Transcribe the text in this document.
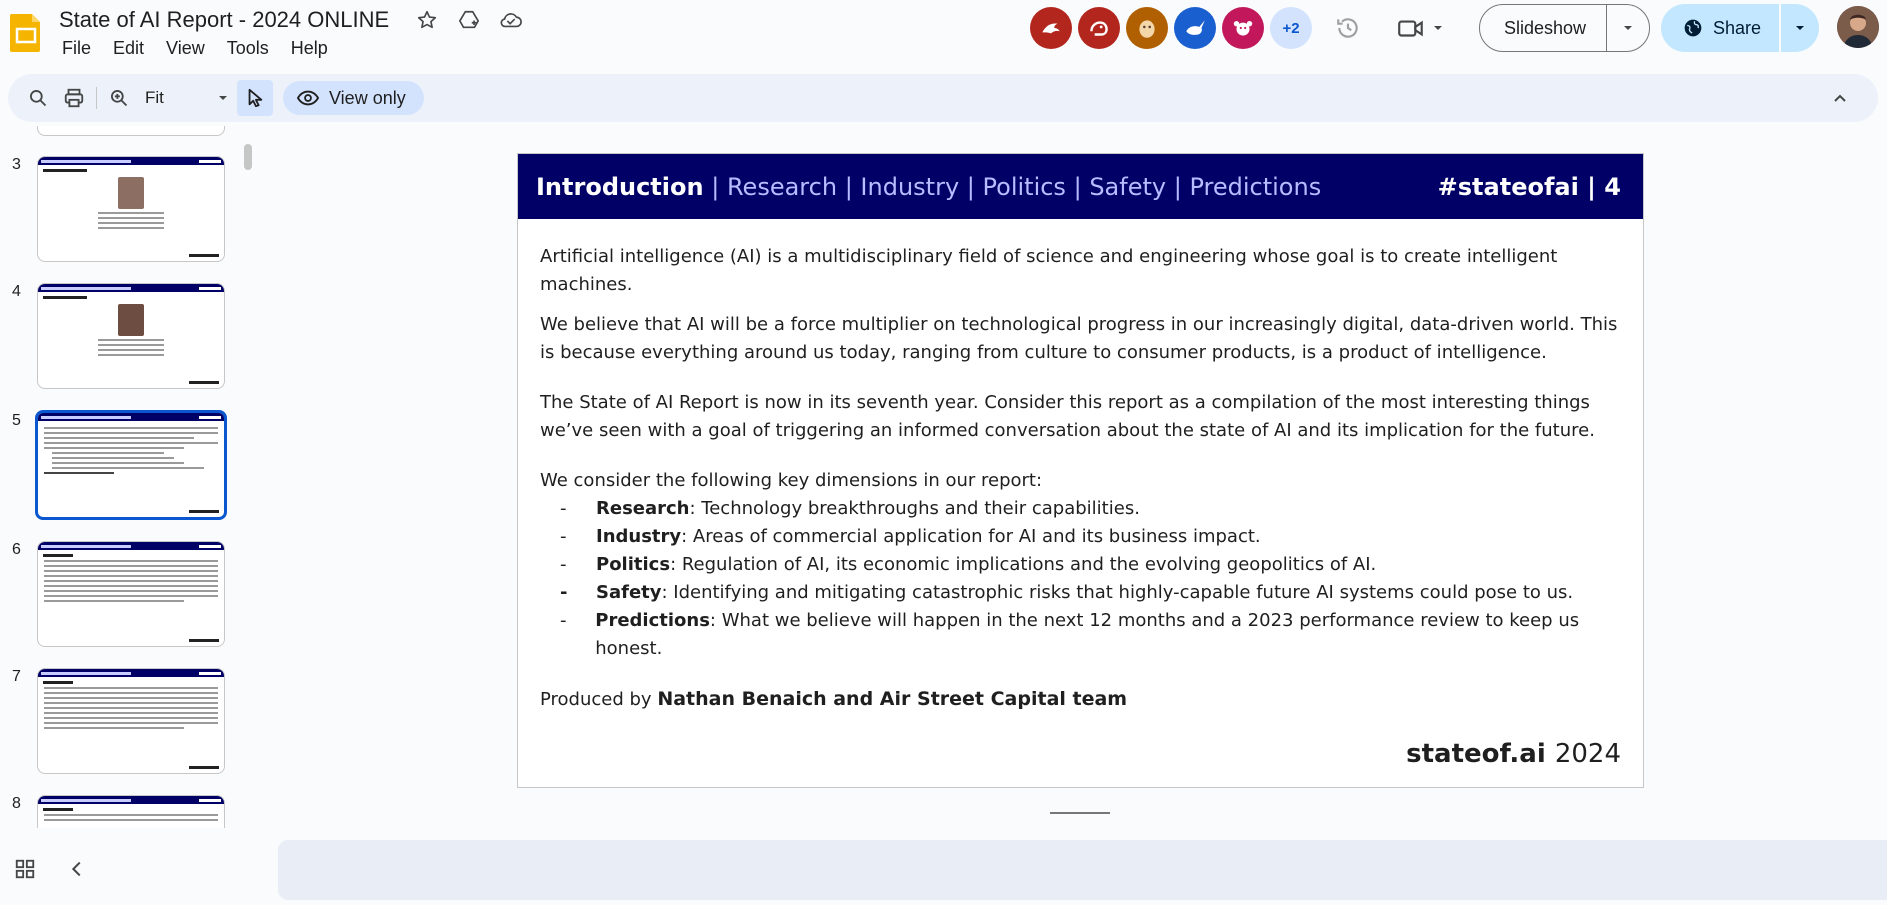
State of AI Report - 2024 ONLINE
File	Edit	View	Tools	Help
+2	Slideshow	Share
Fit	View only
3
4
5
6
7
8
Introduction | Research | Industry | Politics | Safety | Predictions	#stateofai | 4

Artificial intelligence (AI) is a multidisciplinary field of science and engineering whose goal is to create intelligent machines.

We believe that AI will be a force multiplier on technological progress in our increasingly digital, data-driven world. This is because everything around us today, ranging from culture to consumer products, is a product of intelligence.

The State of AI Report is now in its seventh year. Consider this report as a compilation of the most interesting things we’ve seen with a goal of triggering an informed conversation about the state of AI and its implication for the future.

We consider the following key dimensions in our report:

-	Research: Technology breakthroughs and their capabilities.
-	Industry: Areas of commercial application for AI and its business impact.
-	Politics: Regulation of AI, its economic implications and the evolving geopolitics of AI.
-	Safety: Identifying and mitigating catastrophic risks that highly-capable future AI systems could pose to us.
-	Predictions: What we believe will happen in the next 12 months and a 2023 performance review to keep us honest.

Produced by Nathan Benaich and Air Street Capital team

stateof.ai 2024
